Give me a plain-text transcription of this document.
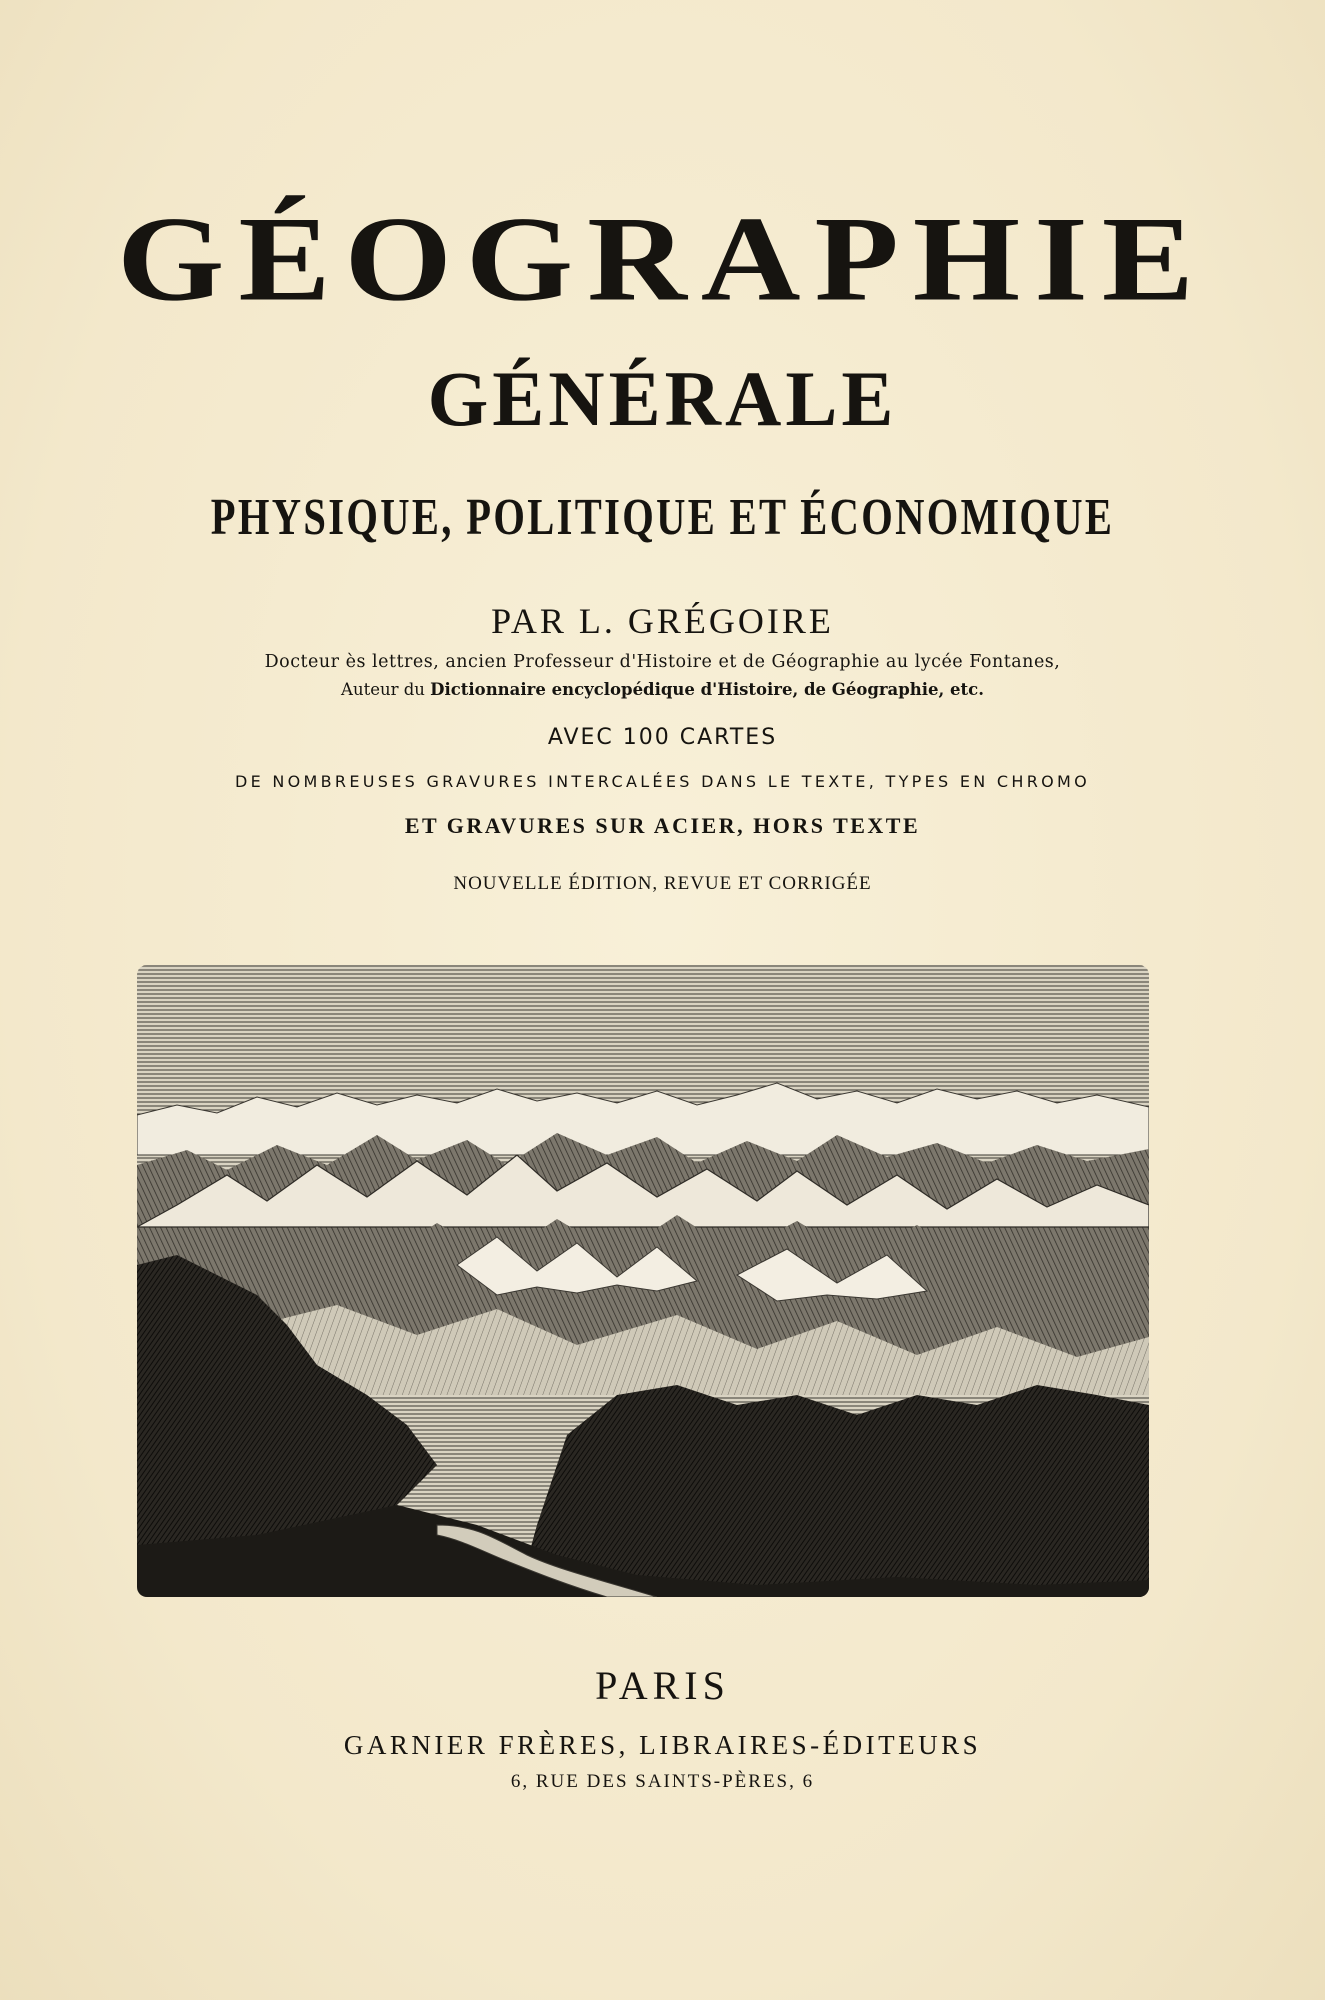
GÉOGRAPHIE
GÉNÉRALE
PHYSIQUE, POLITIQUE ET ÉCONOMIQUE
PAR L. GRÉGOIRE
Docteur ès lettres, ancien Professeur d'Histoire et de Géographie au lycée Fontanes,
Auteur du Dictionnaire encyclopédique d'Histoire, de Géographie, etc.
AVEC 100 CARTES
DE NOMBREUSES GRAVURES INTERCALÉES DANS LE TEXTE, TYPES EN CHROMO
ET GRAVURES SUR ACIER, HORS TEXTE
NOUVELLE ÉDITION, REVUE ET CORRIGÉE
PARIS
GARNIER FRÈRES, LIBRAIRES-ÉDITEURS
6, RUE DES SAINTS-PÈRES, 6
